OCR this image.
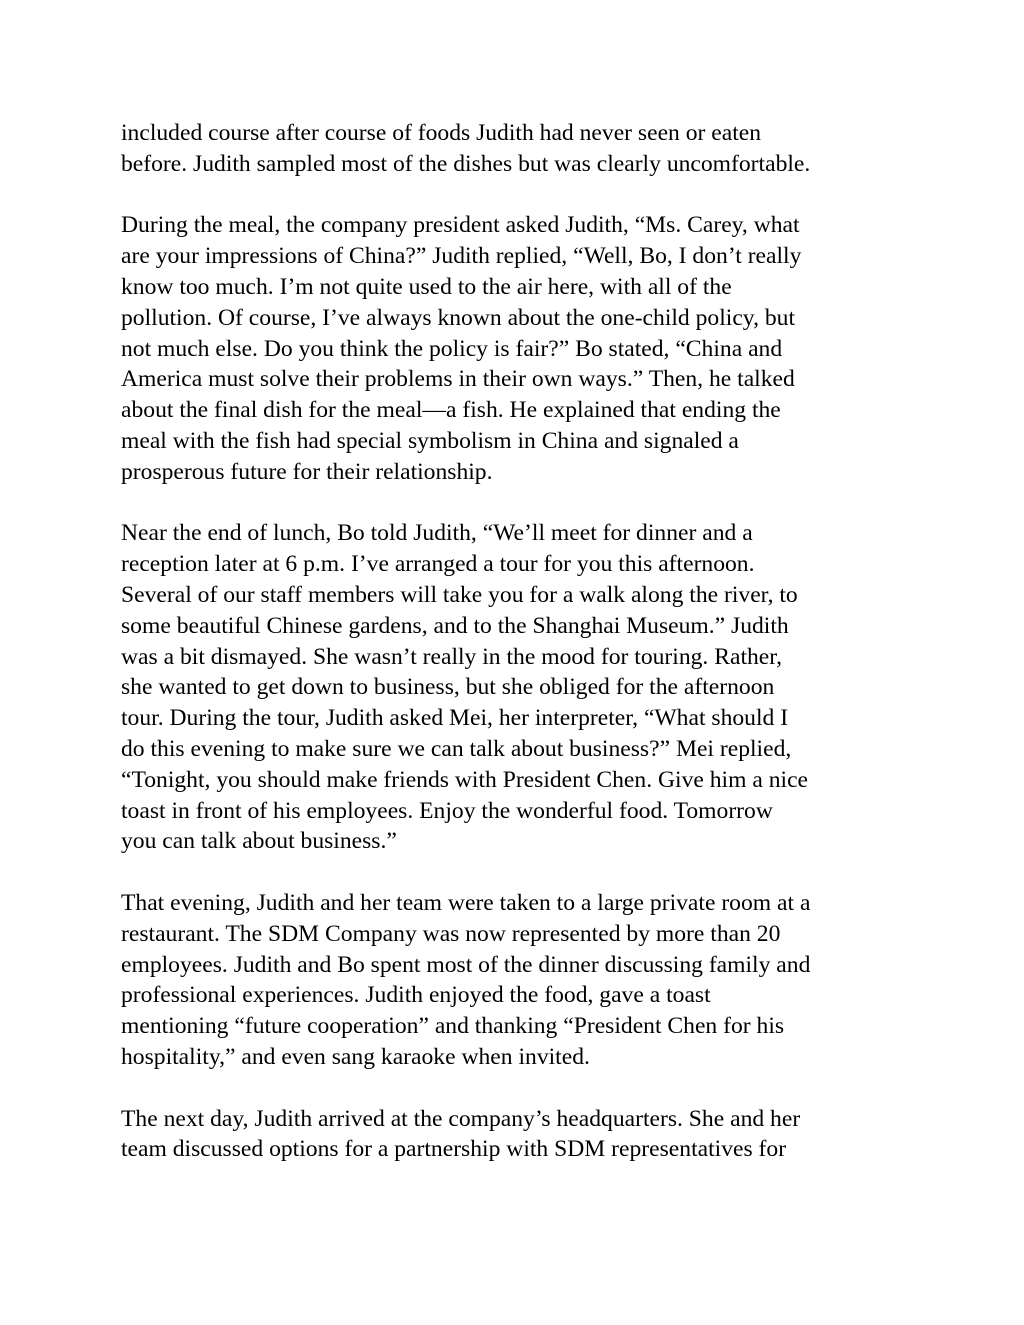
included course after course of foods Judith had never seen or eaten
before. Judith sampled most of the dishes but was clearly uncomfortable.

During the meal, the company president asked Judith, “Ms. Carey, what
are your impressions of China?” Judith replied, “Well, Bo, I don’t really
know too much. I’m not quite used to the air here, with all of the
pollution. Of course, I’ve always known about the one-child policy, but
not much else. Do you think the policy is fair?” Bo stated, “China and
America must solve their problems in their own ways.” Then, he talked
about the final dish for the meal—a fish. He explained that ending the
meal with the fish had special symbolism in China and signaled a
prosperous future for their relationship.

Near the end of lunch, Bo told Judith, “We’ll meet for dinner and a
reception later at 6 p.m. I’ve arranged a tour for you this afternoon.
Several of our staff members will take you for a walk along the river, to
some beautiful Chinese gardens, and to the Shanghai Museum.” Judith
was a bit dismayed. She wasn’t really in the mood for touring. Rather,
she wanted to get down to business, but she obliged for the afternoon
tour. During the tour, Judith asked Mei, her interpreter, “What should I
do this evening to make sure we can talk about business?” Mei replied,
“Tonight, you should make friends with President Chen. Give him a nice
toast in front of his employees. Enjoy the wonderful food. Tomorrow
you can talk about business.”

That evening, Judith and her team were taken to a large private room at a
restaurant. The SDM Company was now represented by more than 20
employees. Judith and Bo spent most of the dinner discussing family and
professional experiences. Judith enjoyed the food, gave a toast
mentioning “future cooperation” and thanking “President Chen for his
hospitality,” and even sang karaoke when invited.

The next day, Judith arrived at the company’s headquarters. She and her
team discussed options for a partnership with SDM representatives for
